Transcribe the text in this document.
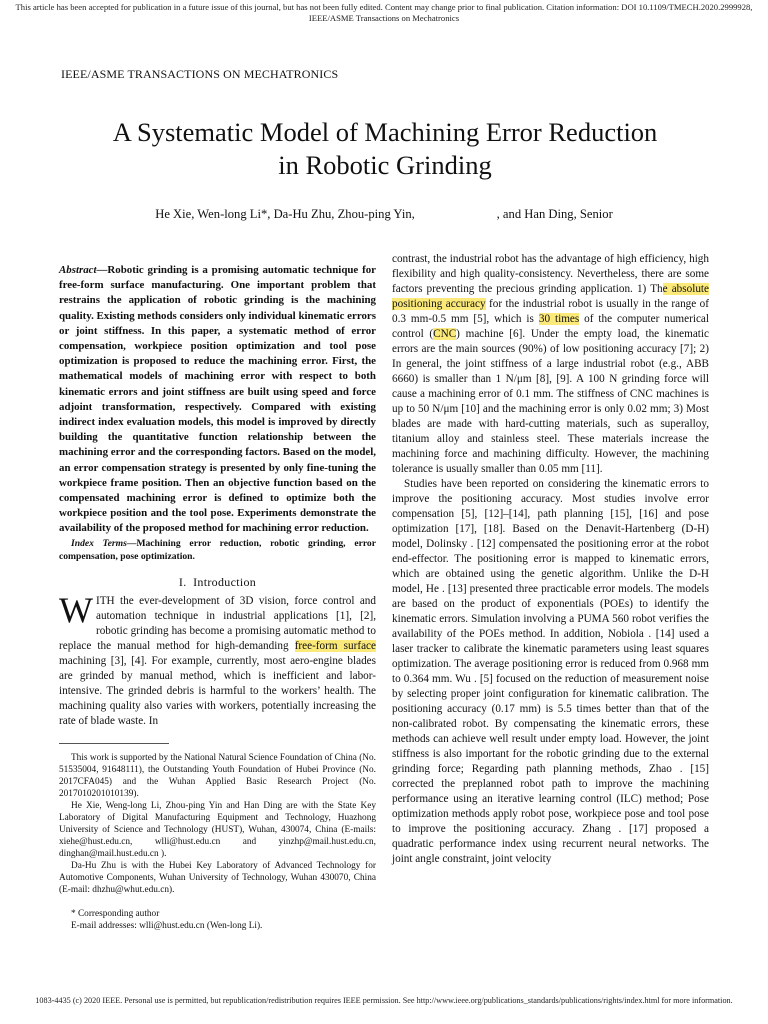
This article has been accepted for publication in a future issue of this journal, but has not been fully edited. Content may change prior to final publication. Citation information: DOI 10.1109/TMECH.2020.2999928,
IEEE/ASME Transactions on Mechatronics
IEEE/ASME TRANSACTIONS ON MECHATRONICS
A Systematic Model of Machining Error Reduction
in Robotic Grinding
He Xie, Wen-long Li*, Da-Hu Zhu, Zhou-ping Yin,                          , and Han Ding, Senior

Abstract—Robotic grinding is a promising automatic technique for free-form surface manufacturing. One important problem that restrains the application of robotic grinding is the machining quality. Existing methods considers only individual kinematic errors or joint stiffness. In this paper, a systematic method of error compensation, workpiece position optimization and tool pose optimization is proposed to reduce the machining error. First, the mathematical models of machining error with respect to both kinematic errors and joint stiffness are built using speed and force adjoint transformation, respectively. Compared with existing indirect index evaluation models, this model is improved by directly building the quantitative function relationship between the machining error and the corresponding factors. Based on the model, an error compensation strategy is presented by only fine-tuning the workpiece frame position. Then an objective function based on the compensated machining error is defined to optimize both the workpiece position and the tool pose. Experiments demonstrate the availability of the proposed method for machining error reduction.

Index Terms—Machining error reduction, robotic grinding, error compensation, pose optimization.

I. Introduction

WITH the ever-development of 3D vision, force control and automation technique in industrial applications [1], [2], robotic grinding has become a promising automatic method to replace the manual method for high-demanding free-form surface machining [3], [4]. For example, currently, most aero-engine blades are grinded by manual method, which is inefficient and labor-intensive. The grinded debris is harmful to the workers’ health. The machining quality also varies with workers, potentially increasing the rate of blade waste. In

This work is supported by the National Natural Science Foundation of China (No. 51535004, 91648111), the Outstanding Youth Foundation of Hubei Province (No. 2017CFA045) and the Wuhan Applied Basic Research Project (No. 2017010201010139).

He Xie, Weng-long Li, Zhou-ping Yin and Han Ding are with the State Key Laboratory of Digital Manufacturing Equipment and Technology, Huazhong University of Science and Technology (HUST), Wuhan, 430074, China (E-mails: xiehe@hust.edu.cn, wlli@hust.edu.cn and yinzhp@mail.hust.edu.cn, dinghan@mail.hust.edu.cn ).

Da-Hu Zhu is with the Hubei Key Laboratory of Advanced Technology for Automotive Components, Wuhan University of Technology, Wuhan 430070, China (E-mail: dhzhu@whut.edu.cn).

* Corresponding author

E-mail addresses: wlli@hust.edu.cn (Wen-long Li).

contrast, the industrial robot has the advantage of high efficiency, high flexibility and high quality-consistency. Nevertheless, there are some factors preventing the precious grinding application. 1) The absolute positioning accuracy for the industrial robot is usually in the range of 0.3 mm-0.5 mm [5], which is 30 times of the computer numerical control (CNC) machine [6]. Under the empty load, the kinematic errors are the main sources (90%) of low positioning accuracy [7]; 2) In general, the joint stiffness of a large industrial robot (e.g., ABB 6660) is smaller than 1 N/μm [8], [9]. A 100 N grinding force will cause a machining error of 0.1 mm. The stiffness of CNC machines is up to 50 N/μm [10] and the machining error is only 0.02 mm; 3) Most blades are made with hard-cutting materials, such as superalloy, titanium alloy and stainless steel. These materials increase the machining force and machining difficulty. However, the machining tolerance is usually smaller than 0.05 mm [11].

Studies have been reported on considering the kinematic errors to improve the positioning accuracy. Most studies involve error compensation [5], [12]–[14], path planning [15], [16] and pose optimization [17], [18]. Based on the Denavit-Hartenberg (D-H) model, Dolinsky . [12] compensated the positioning error at the robot end-effector. The positioning error is mapped to kinematic errors, which are obtained using the genetic algorithm. Unlike the D-H model, He . [13] presented three practicable error models. The models are based on the product of exponentials (POEs) to identify the kinematic errors. Simulation involving a PUMA 560 robot verifies the availability of the POEs method. In addition, Nobiola . [14] used a laser tracker to calibrate the kinematic parameters using least squares optimization. The average positioning error is reduced from 0.968 mm to 0.364 mm. Wu . [5] focused on the reduction of measurement noise by selecting proper joint configuration for kinematic calibration. The positioning accuracy (0.17 mm) is 5.5 times better than that of the non-calibrated robot. By compensating the kinematic errors, these methods can achieve well result under empty load. However, the joint stiffness is also important for the robotic grinding due to the external grinding force; Regarding path planning methods, Zhao . [15] corrected the preplanned robot path to improve the machining performance using an iterative learning control (ILC) method; Pose optimization methods apply robot pose, workpiece pose and tool pose to improve the positioning accuracy. Zhang . [17] proposed a quadratic performance index using recurrent neural networks. The joint angle constraint, joint velocity

1083-4435 (c) 2020 IEEE. Personal use is permitted, but republication/redistribution requires IEEE permission. See http://www.ieee.org/publications_standards/publications/rights/index.html for more information.
